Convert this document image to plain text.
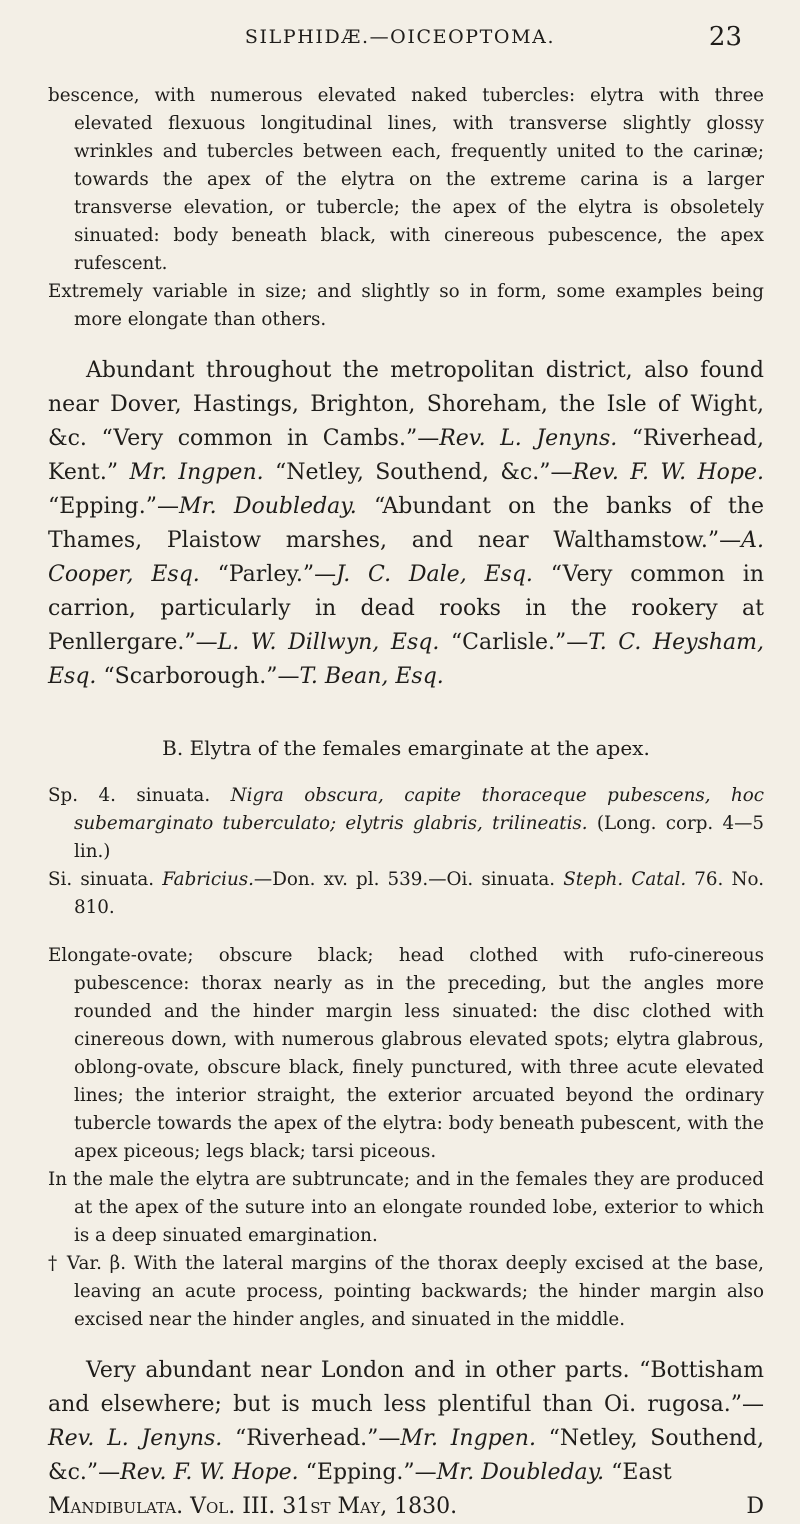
SILPHIDÆ.—OICEOPTOMA.	23

bescence, with numerous elevated naked tubercles: elytra with three elevated flexuous longitudinal lines, with transverse slightly glossy wrinkles and tubercles between each, frequently united to the carinæ; towards the apex of the elytra on the extreme carina is a larger transverse elevation, or tubercle; the apex of the elytra is obsoletely sinuated: body beneath black, with cinereous pubescence, the apex rufescent.

Extremely variable in size; and slightly so in form, some examples being more elongate than others.

Abundant throughout the metropolitan district, also found near Dover, Hastings, Brighton, Shoreham, the Isle of Wight, &c. “Very common in Cambs.”—Rev. L. Jenyns. “Riverhead, Kent.” Mr. Ingpen. “Netley, Southend, &c.”—Rev. F. W. Hope. “Epping.”—Mr. Doubleday. “Abundant on the banks of the Thames, Plaistow marshes, and near Walthamstow.”—A. Cooper, Esq. “Parley.”—J. C. Dale, Esq. “Very common in carrion, particularly in dead rooks in the rookery at Penllergare.”—L. W. Dillwyn, Esq. “Carlisle.”—T. C. Heysham, Esq. “Scarborough.”—T. Bean, Esq.

B. Elytra of the females emarginate at the apex.

Sp. 4. sinuata. Nigra obscura, capite thoraceque pubescens, hoc subemarginato tuberculato; elytris glabris, trilineatis. (Long. corp. 4—5 lin.)

Si. sinuata. Fabricius.—Don. xv. pl. 539.—Oi. sinuata. Steph. Catal. 76. No. 810.

Elongate-ovate; obscure black; head clothed with rufo-cinereous pubescence: thorax nearly as in the preceding, but the angles more rounded and the hinder margin less sinuated: the disc clothed with cinereous down, with numerous glabrous elevated spots; elytra glabrous, oblong-ovate, obscure black, finely punctured, with three acute elevated lines; the interior straight, the exterior arcuated beyond the ordinary tubercle towards the apex of the elytra: body beneath pubescent, with the apex piceous; legs black; tarsi piceous.

In the male the elytra are subtruncate; and in the females they are produced at the apex of the suture into an elongate rounded lobe, exterior to which is a deep sinuated emargination.

† Var. β. With the lateral margins of the thorax deeply excised at the base, leaving an acute process, pointing backwards; the hinder margin also excised near the hinder angles, and sinuated in the middle.

Very abundant near London and in other parts. “Bottisham and elsewhere; but is much less plentiful than Oi. rugosa.”—Rev. L. Jenyns. “Riverhead.”—Mr. Ingpen. “Netley, Southend, &c.”—Rev. F. W. Hope. “Epping.”—Mr. Doubleday. “East

Mandibulata. Vol. III. 31st May, 1830.	D
